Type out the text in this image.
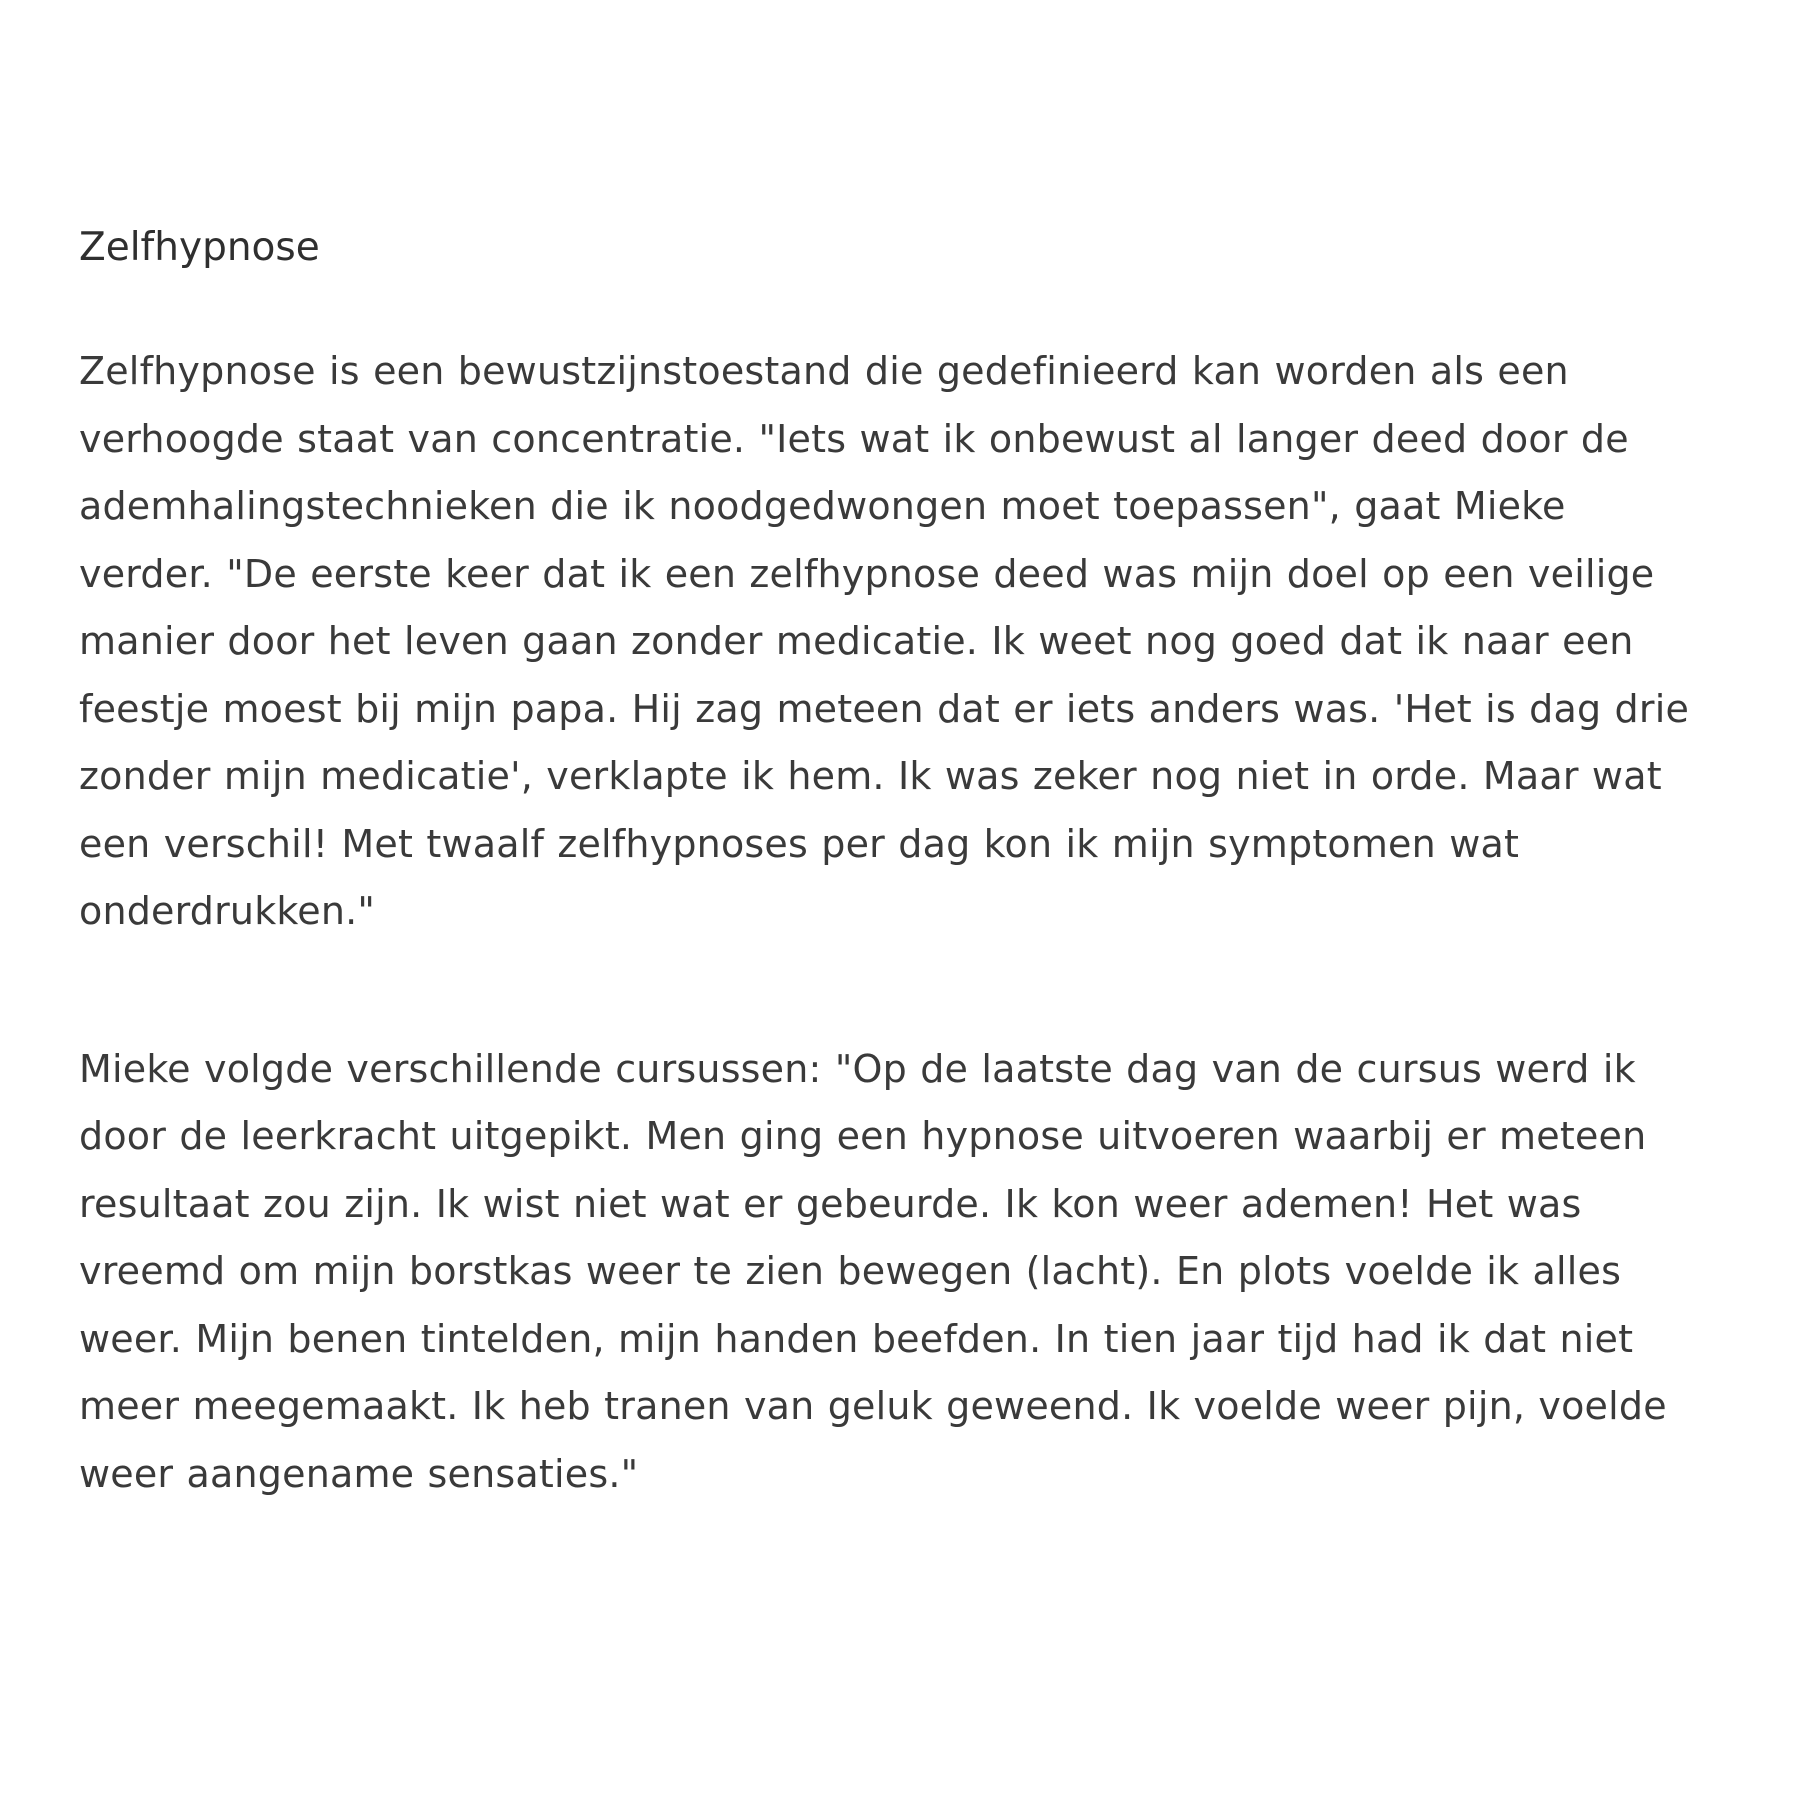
Zelfhypnose

Zelfhypnose is een bewustzijnstoestand die gedefinieerd kan worden als een
verhoogde staat van concentratie. "Iets wat ik onbewust al langer deed door de
ademhalingstechnieken die ik noodgedwongen moet toepassen", gaat Mieke
verder. "De eerste keer dat ik een zelfhypnose deed was mijn doel op een veilige
manier door het leven gaan zonder medicatie. Ik weet nog goed dat ik naar een
feestje moest bij mijn papa. Hij zag meteen dat er iets anders was. 'Het is dag drie
zonder mijn medicatie', verklapte ik hem. Ik was zeker nog niet in orde. Maar wat
een verschil! Met twaalf zelfhypnoses per dag kon ik mijn symptomen wat
onderdrukken."

Mieke volgde verschillende cursussen: "Op de laatste dag van de cursus werd ik
door de leerkracht uitgepikt. Men ging een hypnose uitvoeren waarbij er meteen
resultaat zou zijn. Ik wist niet wat er gebeurde. Ik kon weer ademen! Het was
vreemd om mijn borstkas weer te zien bewegen (lacht). En plots voelde ik alles
weer. Mijn benen tintelden, mijn handen beefden. In tien jaar tijd had ik dat niet
meer meegemaakt. Ik heb tranen van geluk geweend. Ik voelde weer pijn, voelde
weer aangename sensaties."
